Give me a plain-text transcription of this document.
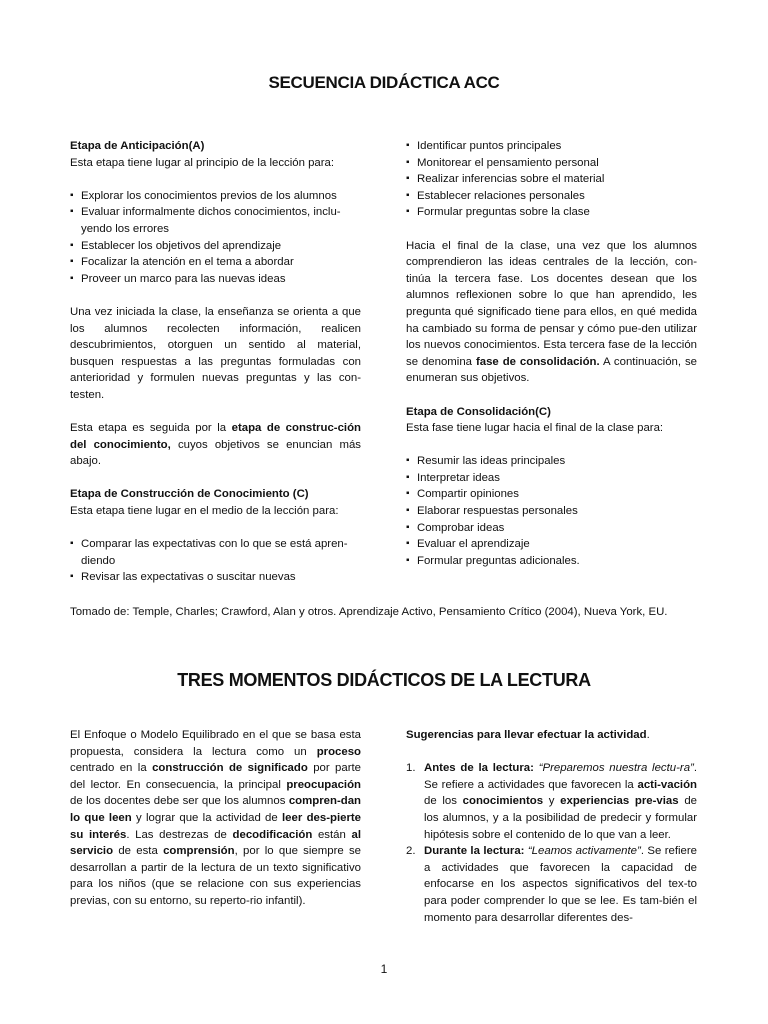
SECUENCIA DIDÁCTICA ACC

Etapa de Anticipación(A)

Esta etapa tiene lugar al principio de la lección para:

▪ Explorar los conocimientos previos de los alumnos
▪ Evaluar informalmente dichos conocimientos, inclu-yendo los errores
▪ Establecer los objetivos del aprendizaje
▪ Focalizar la atención en el tema a abordar
▪ Proveer un marco para las nuevas ideas

Una vez iniciada la clase, la enseñanza se orienta a que los alumnos recolecten información, realicen descubrimientos, otorguen un sentido al material, busquen respuestas a las preguntas formuladas con anterioridad y formulen nuevas preguntas y las con-testen.

Esta etapa es seguida por la etapa de construc-ción del conocimiento, cuyos objetivos se enuncian más abajo.

Etapa de Construcción de Conocimiento (C)

Esta etapa tiene lugar en el medio de la lección para:

▪ Comparar las expectativas con lo que se está apren-diendo
▪ Revisar las expectativas o suscitar nuevas
▪ Identificar puntos principales
▪ Monitorear el pensamiento personal
▪ Realizar inferencias sobre el material
▪ Establecer relaciones personales
▪ Formular preguntas sobre la clase

Hacia el final de la clase, una vez que los alumnos comprendieron las ideas centrales de la lección, con-tinúa la tercera fase. Los docentes desean que los alumnos reflexionen sobre lo que han aprendido, les pregunta qué significado tiene para ellos, en qué medida ha cambiado su forma de pensar y cómo pue-den utilizar los nuevos conocimientos. Esta tercera fase de la lección se denomina fase de consolidación. A continuación, se enumeran sus objetivos.

Etapa de Consolidación(C)

Esta fase tiene lugar hacia el final de la clase para:

▪ Resumir las ideas principales
▪ Interpretar ideas
▪ Compartir opiniones
▪ Elaborar respuestas personales
▪ Comprobar ideas
▪ Evaluar el aprendizaje
▪ Formular preguntas adicionales.

Tomado de: Temple, Charles; Crawford, Alan y otros. Aprendizaje Activo, Pensamiento Crítico (2004), Nueva York, EU.

TRES MOMENTOS DIDÁCTICOS DE LA LECTURA

El Enfoque o Modelo Equilibrado en el que se basa esta propuesta, considera la lectura como un proceso centrado en la construcción de significado por parte del lector. En consecuencia, la principal preocupación de los docentes debe ser que los alumnos compren-dan lo que leen y lograr que la actividad de leer des-pierte su interés. Las destrezas de decodificación están al servicio de esta comprensión, por lo que siempre se desarrollan a partir de la lectura de un texto significativo para los niños (que se relacione con sus experiencias previas, con su entorno, su reperto-rio infantil).

Sugerencias para llevar efectuar la actividad.

1. Antes de la lectura: “Preparemos nuestra lectu-ra”. Se refiere a actividades que favorecen la acti-vación de los conocimientos y experiencias pre-vias de los alumnos, y a la posibilidad de predecir y formular hipótesis sobre el contenido de lo que van a leer.
2. Durante la lectura: “Leamos activamente”. Se refiere a actividades que favorecen la capacidad de enfocarse en los aspectos significativos del tex-to para poder comprender lo que se lee. Es tam-bién el momento para desarrollar diferentes des-
1
